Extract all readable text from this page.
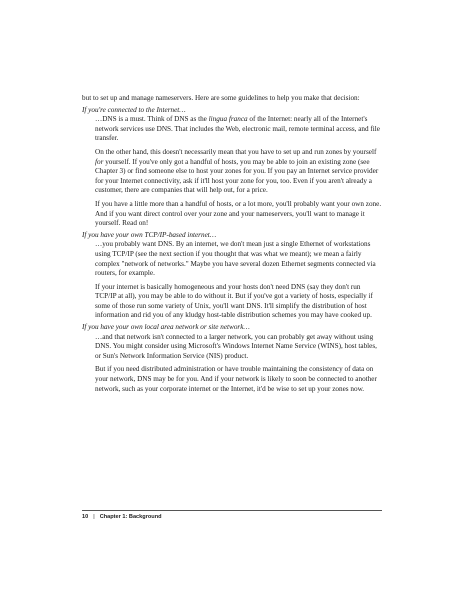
but to set up and manage nameservers. Here are some guidelines to help you make that decision:

If you're connected to the Internet…

…DNS is a must. Think of DNS as the lingua franca of the Internet: nearly all of the Internet's network services use DNS. That includes the Web, electronic mail, remote terminal access, and file transfer.

On the other hand, this doesn't necessarily mean that you have to set up and run zones by yourself for yourself. If you've only got a handful of hosts, you may be able to join an existing zone (see Chapter 3) or find someone else to host your zones for you. If you pay an Internet service provider for your Internet connectivity, ask if it'll host your zone for you, too. Even if you aren't already a customer, there are companies that will help out, for a price.

If you have a little more than a handful of hosts, or a lot more, you'll probably want your own zone. And if you want direct control over your zone and your nameservers, you'll want to manage it yourself. Read on!

If you have your own TCP/IP-based internet…

…you probably want DNS. By an internet, we don't mean just a single Ethernet of workstations using TCP/IP (see the next section if you thought that was what we meant); we mean a fairly complex "network of networks." Maybe you have several dozen Ethernet segments connected via routers, for example.

If your internet is basically homogeneous and your hosts don't need DNS (say they don't run TCP/IP at all), you may be able to do without it. But if you've got a variety of hosts, especially if some of those run some variety of Unix, you'll want DNS. It'll simplify the distribution of host information and rid you of any kludgy host-table distribution schemes you may have cooked up.

If you have your own local area network or site network…

…and that network isn't connected to a larger network, you can probably get away without using DNS. You might consider using Microsoft's Windows Internet Name Service (WINS), host tables, or Sun's Network Information Service (NIS) product.

But if you need distributed administration or have trouble maintaining the consistency of data on your network, DNS may be for you. And if your network is likely to soon be connected to another network, such as your corporate internet or the Internet, it'd be wise to set up your zones now.

10 | Chapter 1: Background
